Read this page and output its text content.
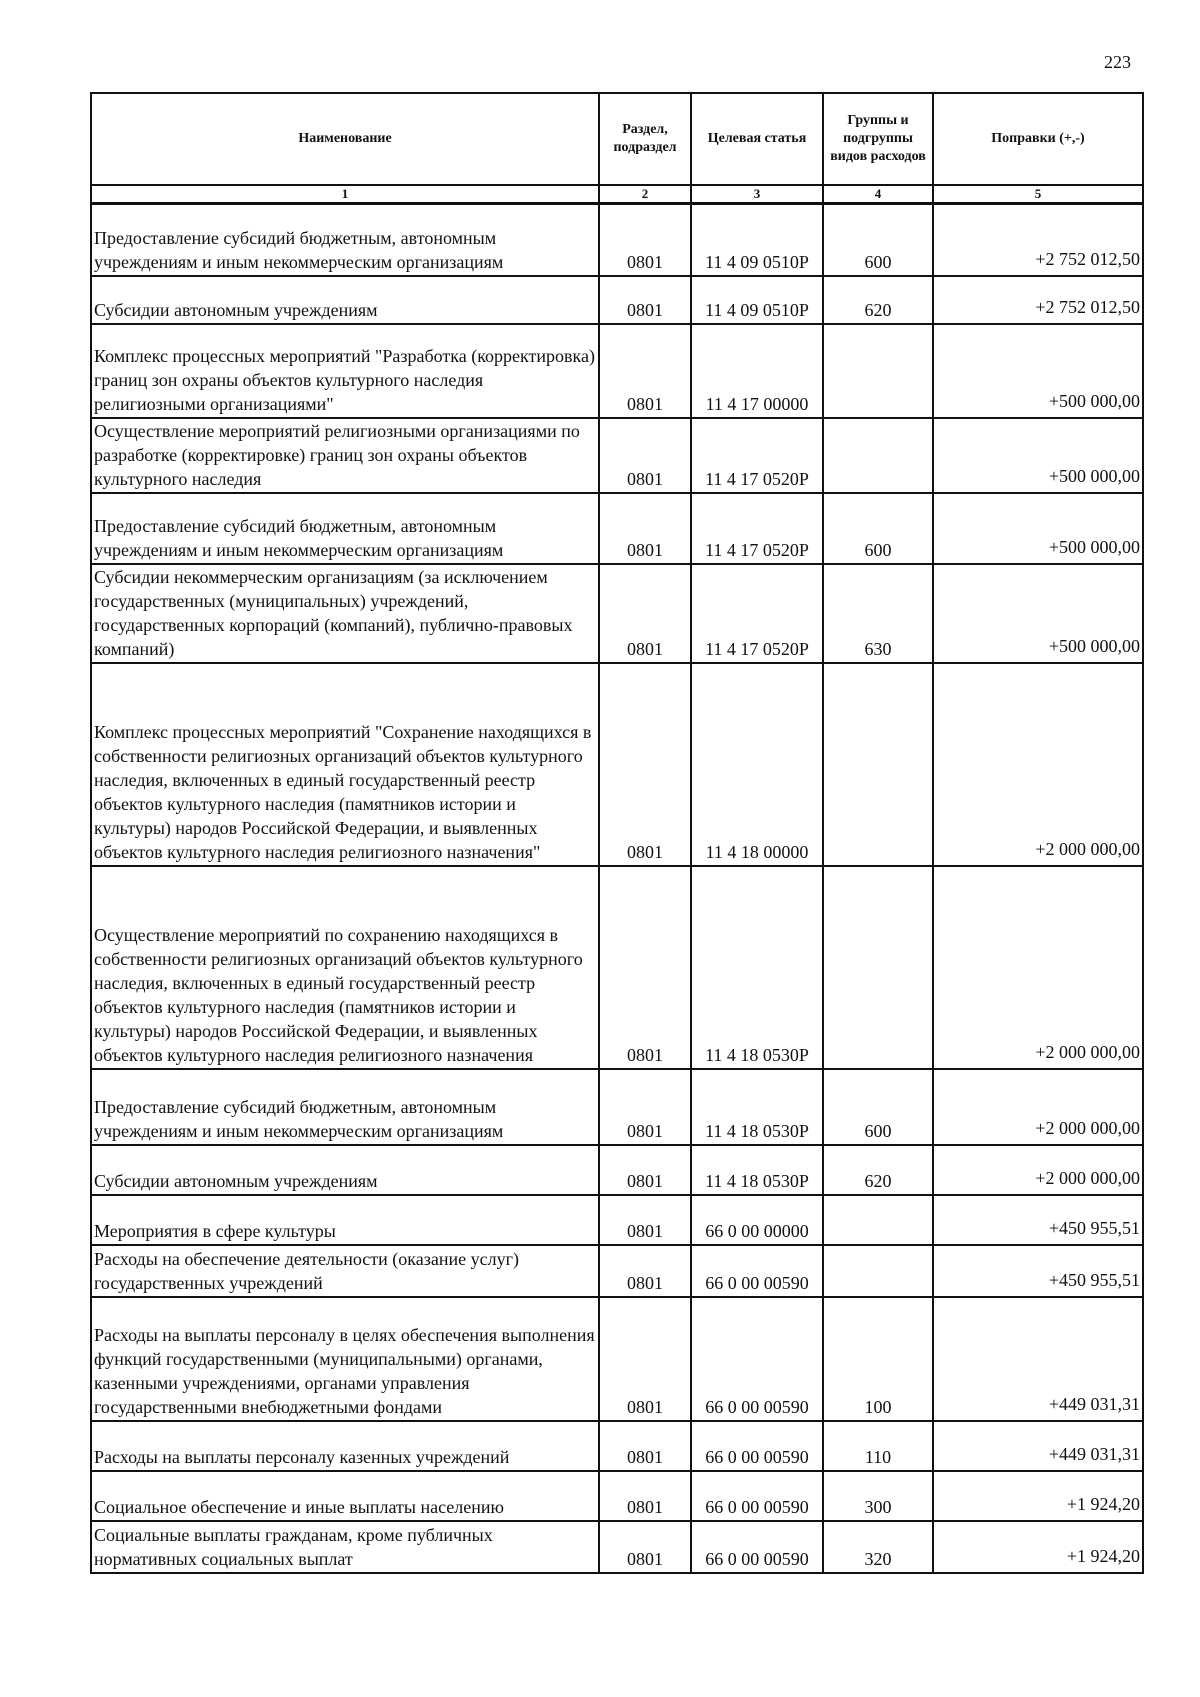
223
Наименование	Раздел, подраздел	Целевая статья	Группы и подгруппы видов расходов	Поправки (+,-)
1	2	3	4	5
Предоставление субсидий бюджетным, автономным учреждениям и иным некоммерческим организациям	0801	11 4 09 0510Р	600	+2 752 012,50
Субсидии автономным учреждениям	0801	11 4 09 0510Р	620	+2 752 012,50
Комплекс процессных мероприятий "Разработка (корректировка) границ зон охраны объектов культурного наследия религиозными организациями"	0801	11 4 17 00000		+500 000,00
Осуществление мероприятий религиозными организациями по разработке (корректировке) границ зон охраны объектов культурного наследия	0801	11 4 17 0520Р		+500 000,00
Предоставление субсидий бюджетным, автономным учреждениям и иным некоммерческим организациям	0801	11 4 17 0520Р	600	+500 000,00
Субсидии некоммерческим организациям (за исключением государственных (муниципальных) учреждений, государственных корпораций (компаний), публично-правовых компаний)	0801	11 4 17 0520Р	630	+500 000,00
Комплекс процессных мероприятий "Сохранение находящихся в собственности религиозных организаций объектов культурного наследия, включенных в единый государственный реестр объектов культурного наследия (памятников истории и культуры) народов Российской Федерации, и выявленных объектов культурного наследия религиозного назначения"	0801	11 4 18 00000		+2 000 000,00
Осуществление мероприятий по сохранению находящихся в собственности религиозных организаций объектов культурного наследия, включенных в единый государственный реестр объектов культурного наследия (памятников истории и культуры) народов Российской Федерации, и выявленных объектов культурного наследия религиозного назначения	0801	11 4 18 0530Р		+2 000 000,00
Предоставление субсидий бюджетным, автономным учреждениям и иным некоммерческим организациям	0801	11 4 18 0530Р	600	+2 000 000,00
Субсидии автономным учреждениям	0801	11 4 18 0530Р	620	+2 000 000,00
Мероприятия в сфере культуры	0801	66 0 00 00000		+450 955,51
Расходы на обеспечение деятельности (оказание услуг) государственных учреждений	0801	66 0 00 00590		+450 955,51
Расходы на выплаты персоналу в целях обеспечения выполнения функций государственными (муниципальными) органами, казенными учреждениями, органами управления государственными внебюджетными фондами	0801	66 0 00 00590	100	+449 031,31
Расходы на выплаты персоналу казенных учреждений	0801	66 0 00 00590	110	+449 031,31
Социальное обеспечение и иные выплаты населению	0801	66 0 00 00590	300	+1 924,20
Социальные выплаты гражданам, кроме публичных нормативных социальных выплат	0801	66 0 00 00590	320	+1 924,20
